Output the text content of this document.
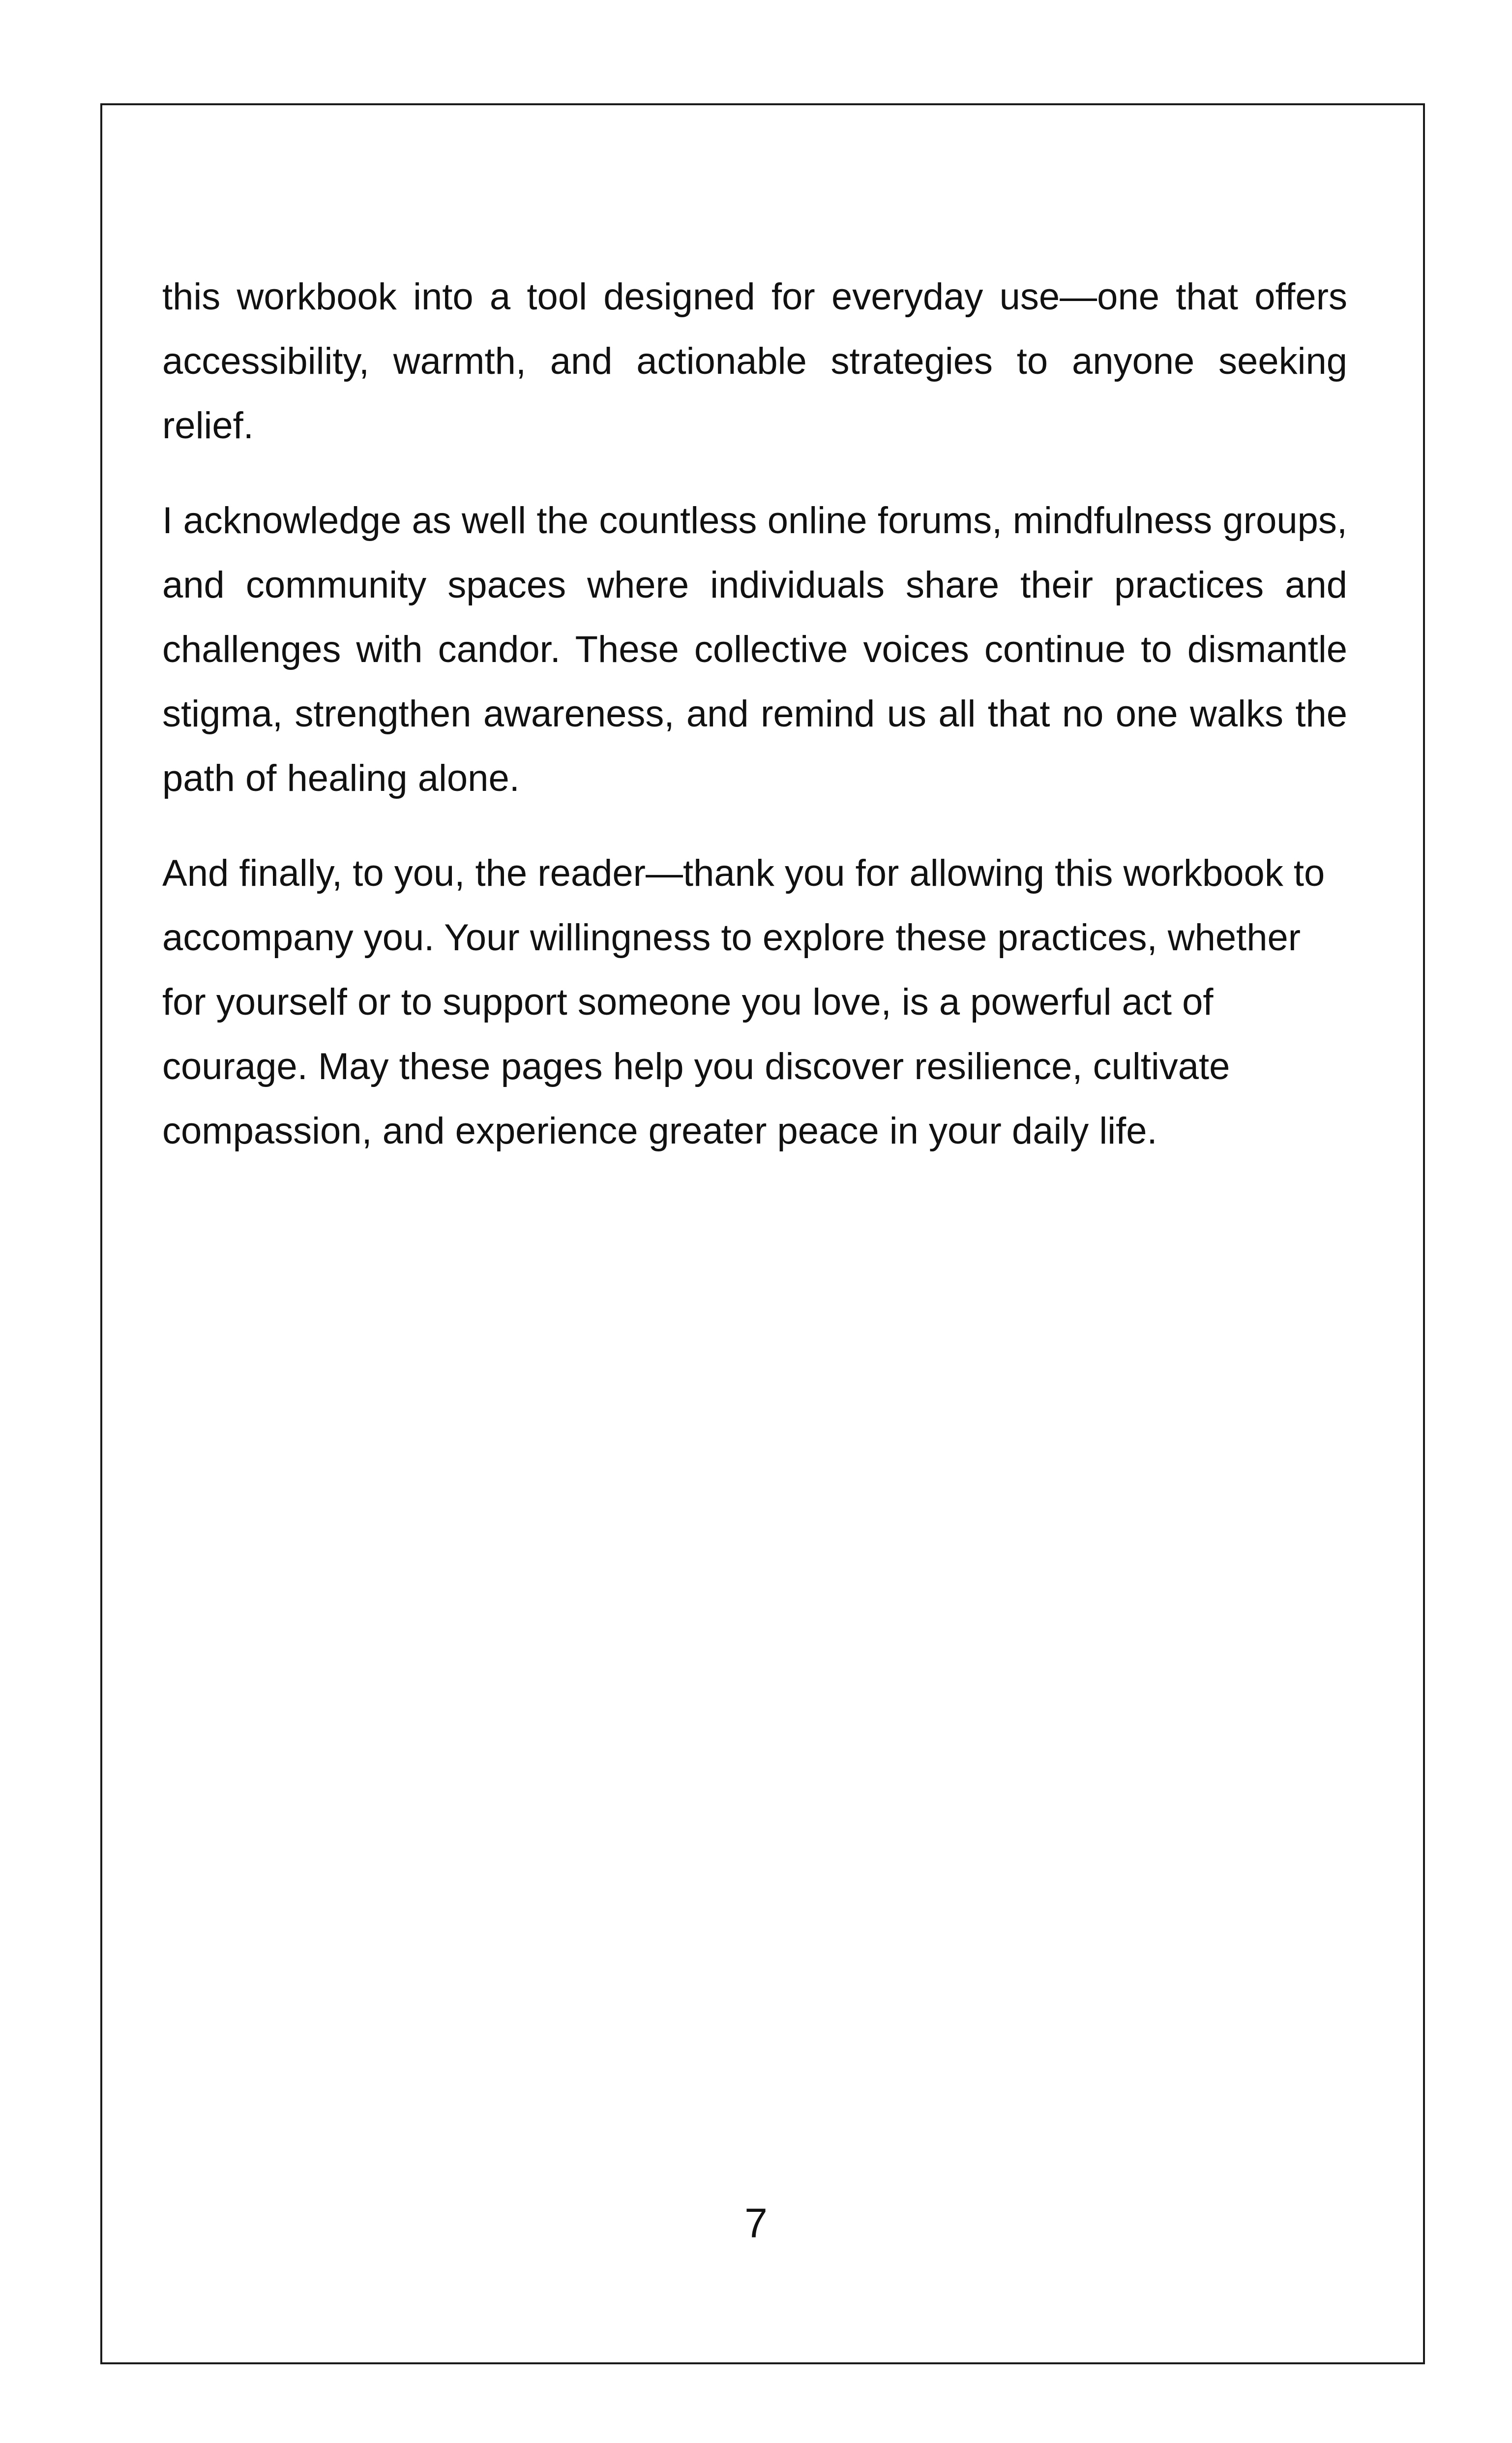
this workbook into a tool designed for everyday use—one that offers accessibility, warmth, and actionable strategies to anyone seeking relief.

I acknowledge as well the countless online forums, mindfulness groups, and community spaces where individuals share their practices and challenges with candor. These collective voices continue to dismantle stigma, strengthen awareness, and remind us all that no one walks the path of healing alone.

And finally, to you, the reader—thank you for allowing this workbook to accompany you. Your willingness to explore these practices, whether for yourself or to support someone you love, is a powerful act of courage. May these pages help you discover resilience, cultivate compassion, and experience greater peace in your daily life.

7
